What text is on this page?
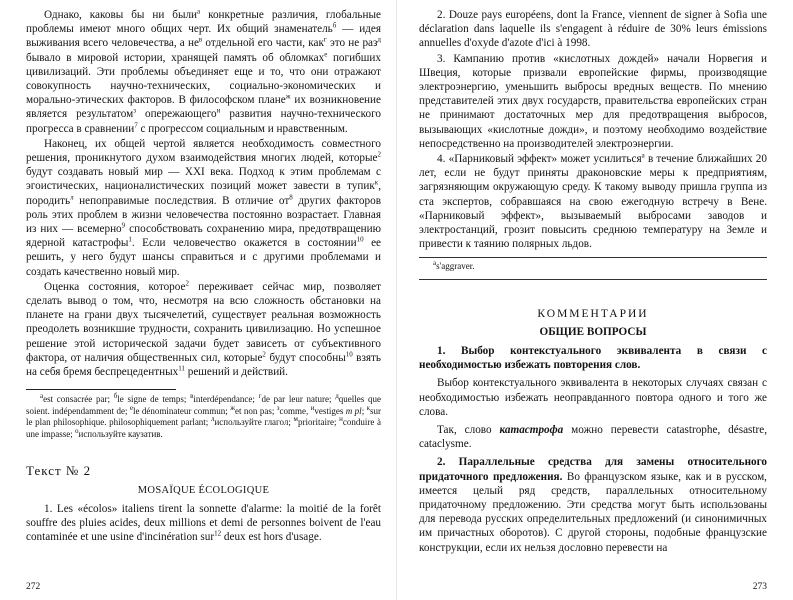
Однако, каковы бы ни были$^a$ конкретные различия, глобальные проблемы имеют много общих черт. Их общий знаменатель$^б$ — идея выживания всего человечества, а $не^в$ отдельной его части, как$^г$ это не раз$^д$ бывало в мировой истории, хранящей память об обломках$^е$ погибших цивилизаций. Эти проблемы объединяет еще и то, что они отражают совокупность научно-технических, социально-экономических и морально-этических факторов. В философском плане$^ж$ их возникновение является результатом$^з$ опережающего$^и$ развития научно-технического прогресса в сравнении$^7$ с прогрессом социальным и нравственным.

Наконец, их общей чертой является необходимость совместного решения, проникнутого духом взаимодействия многих людей, которые$^2$ будут создавать новый мир — XXI века. Подход к этим проблемам с эгоистических, националистических позиций может завести в тупик$^к$, породить$^л$ непоправимые последствия. В отличие $от^8$ других факторов роль этих проблем в жизни человечества постоянно возрастает. Главная из них — всемерно$^9$ способствовать сохранению мира, предотвращению ядерной катастрофы$^1$. Если человечество окажется в состоянии$^{10}$ ее решить, у него будут шансы справиться и с другими проблемами и создать качественно новый мир.

Оценка состояния, которое$^2$ переживает сейчас мир, позволяет сделать вывод о том, что, несмотря на всю сложность обстановки на планете на грани двух тысячелетий, существует реальная возможность преодолеть возникшие трудности, сохранить цивилизацию. Но успешное решение этой исторической задачи будет зависеть от субъективного фактора, от наличия общественных сил, которые$^2$ будут способны$^{10}$ взять на себя бремя беспрецедентных$^{11}$ решений и действий.

$^a$est consacrée par; $^б$le signe de temps; $^в$interdépendance; $^г$de par leur nature; $^д$quelles que soient. indépendamment de; $^е$le dénominateur commun; $^ж$et non pas; $^з$comme, $^и$vestiges m pl; $^к$sur le plan philosophique. philosophiquement parlant; $^л$используйте глагол; $^м$prioritaire; $^н$conduire à une impasse; $^о$используйте каузатив.

Текст № 2
MOSAÏQUE ÉCOLOGIQUE

1. Les «écolos» italiens tirent la sonnette d'alarme: la moitié de la forêt souffre des pluies acides, deux millions et demi de personnes boivent de l'eau contaminée et une usine d'incinération sur$^{12}$ deux est hors d'usage.

272

2. Douze pays européens, dont la France, viennent de signer à Sofia une déclaration dans laquelle ils s'engagent à réduire de 30% leurs émissions annuelles d'oxyde d'azote d'ici à 1998.

3. Кампанию против «кислотных дождей» начали Норвегия и Швеция, которые призвали европейские фирмы, производящие электроэнергию, уменьшить выбросы вредных веществ. По мнению представителей этих двух государств, правительства европейских стран не принимают достаточных мер для предотвращения выбросов, вызывающих «кислотные дожди», и поэтому необходимо воздействие непосредственно на производителей электроэнергии.

4. «Парниковый эффект» может усилиться$^a$ в течение ближайших 20 лет, если не будут приняты драконовские меры к предприятиям, загрязняющим окружающую среду. К такому выводу пришла группа из ста экспертов, собравшаяся на свою ежегодную встречу в Вене. «Парниковый эффект», вызываемый выбросами заводов и электростанций, грозит повысить среднюю температуру на Земле и привести к таянию полярных льдов.

$^a$s'aggraver.

КОММЕНТАРИИ
ОБЩИЕ ВОПРОСЫ

1. Выбор контекстуального эквивалента в связи с необходимостью избежать повторения слов.

Выбор контекстуального эквивалента в некоторых случаях связан с необходимостью избежать неоправданного повтора одного и того же слова.

Так, слово катастрофа можно перевести catastrophe, désastre, cataclysme.

2. Параллельные средства для замены относительного придаточного предложения. Во французском языке, как и в русском, имеется целый ряд средств, параллельных относительному придаточному предложению. Эти средства могут быть использованы для перевода русских определительных предложений (и синонимичных им причастных оборотов). С другой стороны, подобные французские конструкции, если их нельзя дословно перевести на

273
